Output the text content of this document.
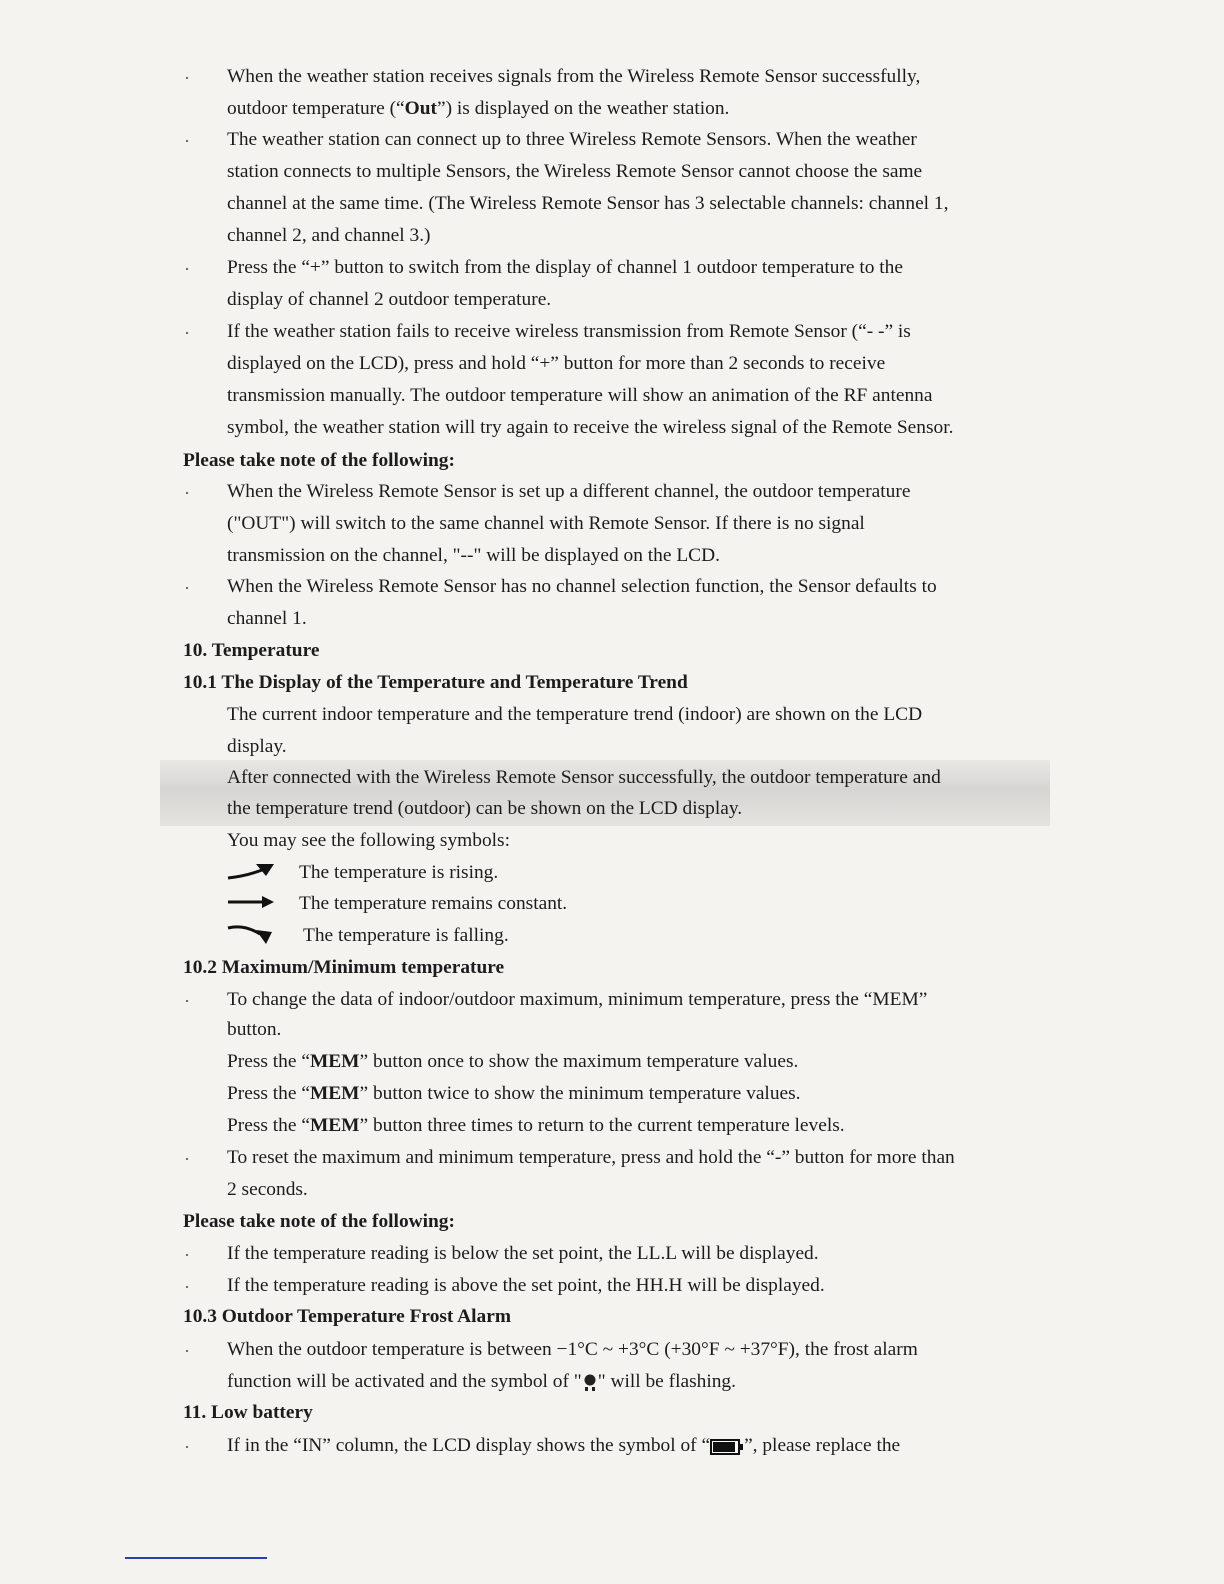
· When the weather station receives signals from the Wireless Remote Sensor successfully,
outdoor temperature (“Out”) is displayed on the weather station.
· The weather station can connect up to three Wireless Remote Sensors. When the weather
station connects to multiple Sensors, the Wireless Remote Sensor cannot choose the same
channel at the same time. (The Wireless Remote Sensor has 3 selectable channels: channel 1,
channel 2, and channel 3.)
· Press the “+” button to switch from the display of channel 1 outdoor temperature to the
display of channel 2 outdoor temperature.
· If the weather station fails to receive wireless transmission from Remote Sensor (“- -” is
displayed on the LCD), press and hold “+” button for more than 2 seconds to receive
transmission manually. The outdoor temperature will show an animation of the RF antenna
symbol, the weather station will try again to receive the wireless signal of the Remote Sensor.
Please take note of the following:
· When the Wireless Remote Sensor is set up a different channel, the outdoor temperature
("OUT") will switch to the same channel with Remote Sensor. If there is no signal
transmission on the channel, "--" will be displayed on the LCD.
· When the Wireless Remote Sensor has no channel selection function, the Sensor defaults to
channel 1.
10. Temperature
10.1 The Display of the Temperature and Temperature Trend
The current indoor temperature and the temperature trend (indoor) are shown on the LCD
display.
After connected with the Wireless Remote Sensor successfully, the outdoor temperature and
the temperature trend (outdoor) can be shown on the LCD display.
You may see the following symbols:
The temperature is rising.
The temperature remains constant.
The temperature is falling.
10.2 Maximum/Minimum temperature
· To change the data of indoor/outdoor maximum, minimum temperature, press the “MEM”
button.
Press the “MEM” button once to show the maximum temperature values.
Press the “MEM” button twice to show the minimum temperature values.
Press the “MEM” button three times to return to the current temperature levels.
· To reset the maximum and minimum temperature, press and hold the “-” button for more than
2 seconds.
Please take note of the following:
· If the temperature reading is below the set point, the LL.L will be displayed.
· If the temperature reading is above the set point, the HH.H will be displayed.
10.3 Outdoor Temperature Frost Alarm
· When the outdoor temperature is between −1°C ~ +3°C (+30°F ~ +37°F), the frost alarm
function will be activated and the symbol of " " will be flashing.
11. Low battery
· If in the “IN” column, the LCD display shows the symbol of “ ”, please replace the
